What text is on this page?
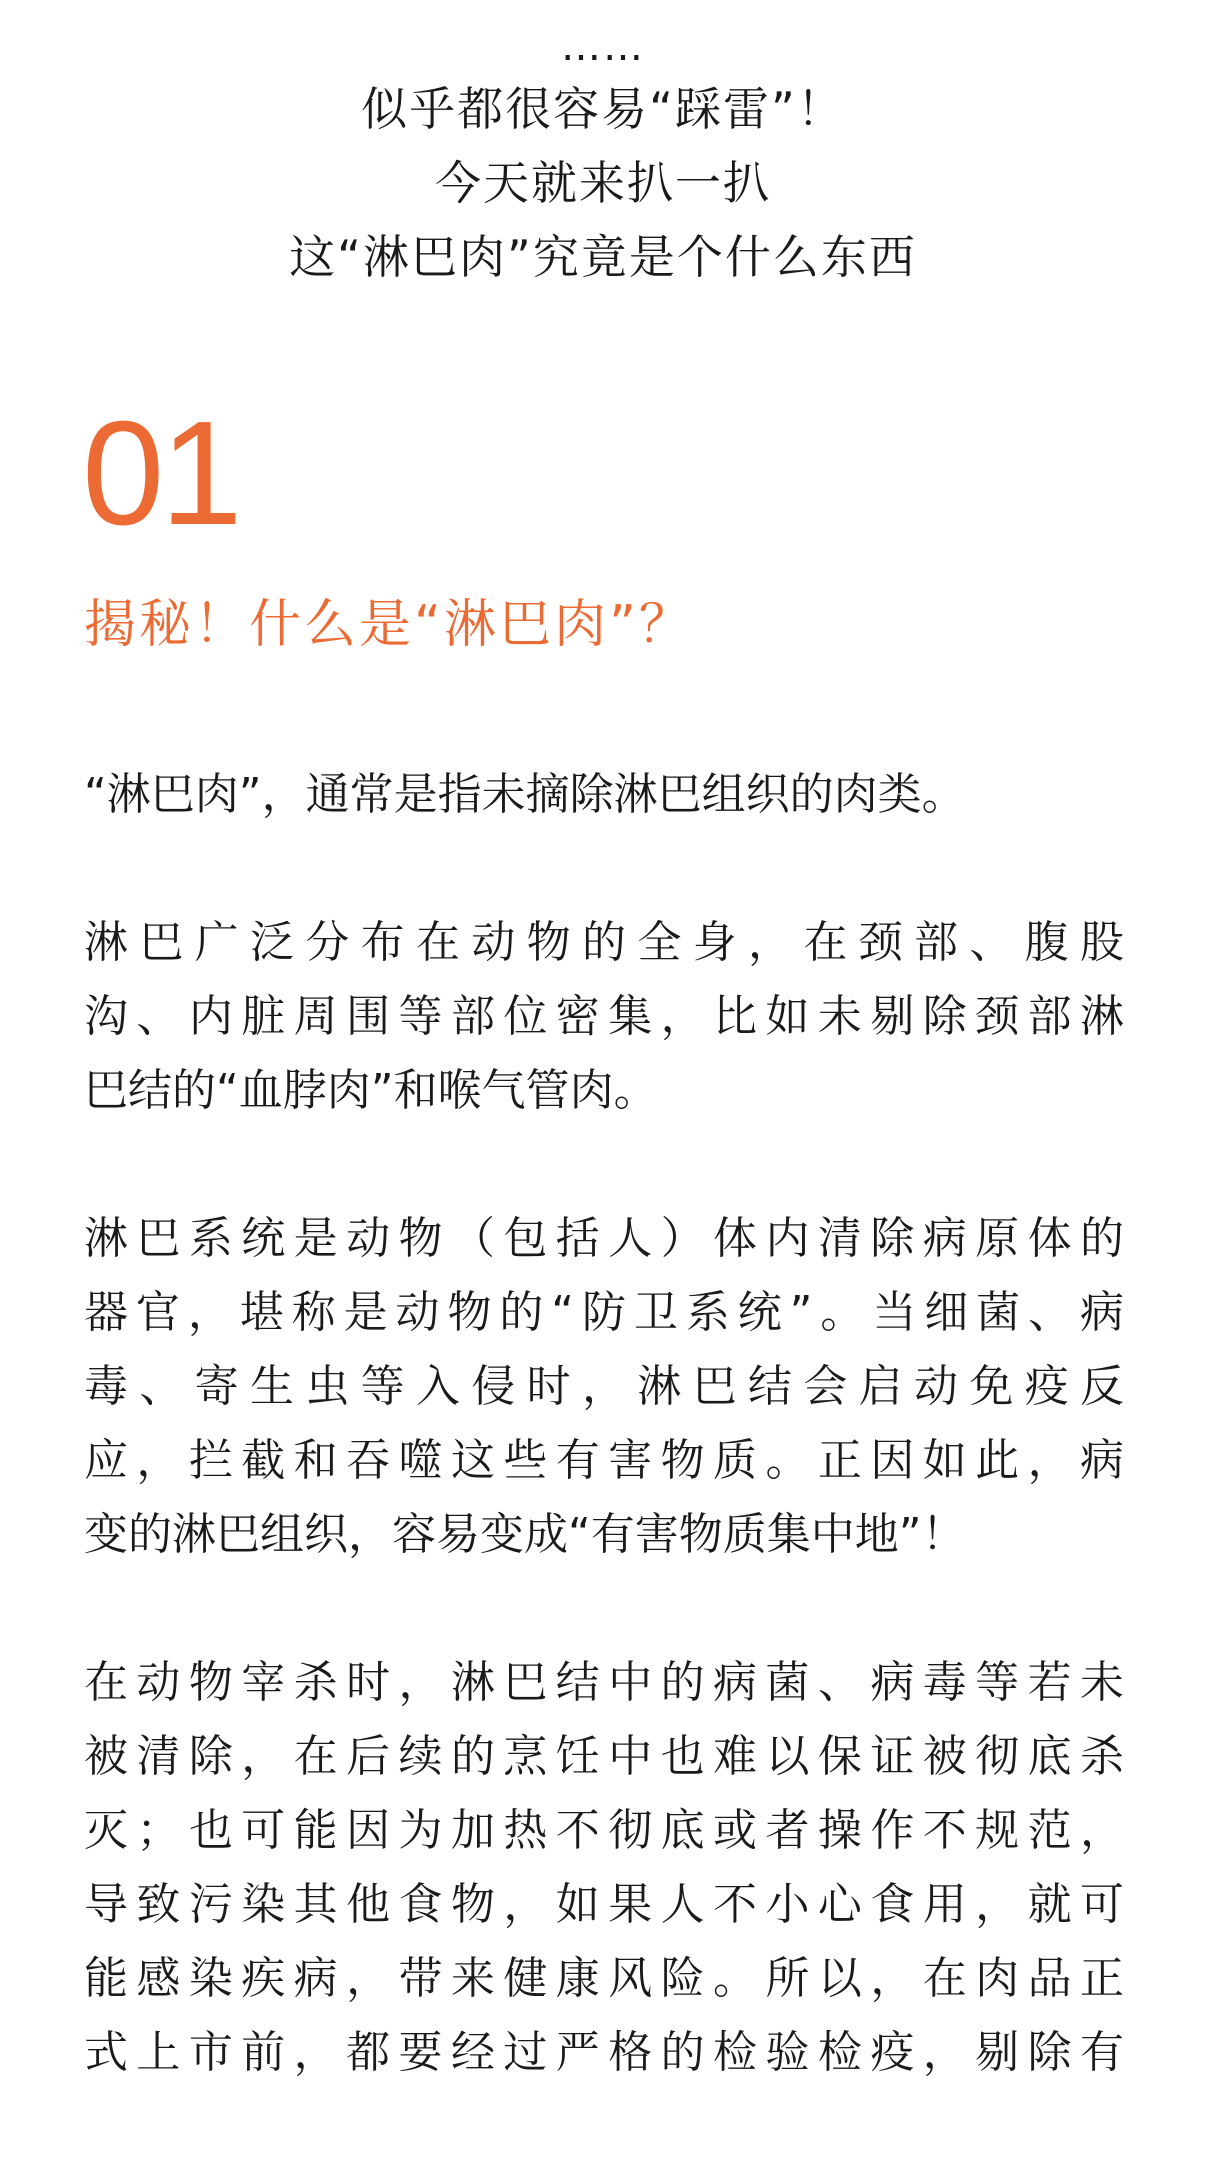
……
似乎都很容易“踩雷”！
今天就来扒一扒
这“淋巴肉”究竟是个什么东西
01
揭秘！什么是“淋巴肉”？
“淋巴肉”，通常是指未摘除淋巴组织的肉类。
淋巴广泛分布在动物的全身，在颈部、腹股
沟、内脏周围等部位密集，比如未剔除颈部淋
巴结的“血脖肉”和喉气管肉。
淋巴系统是动物（包括人）体内清除病原体的
器官，堪称是动物的“防卫系统”。当细菌、病
毒、寄生虫等入侵时，淋巴结会启动免疫反
应，拦截和吞噬这些有害物质。正因如此，病
变的淋巴组织，容易变成“有害物质集中地”！
在动物宰杀时，淋巴结中的病菌、病毒等若未
被清除，在后续的烹饪中也难以保证被彻底杀
灭；也可能因为加热不彻底或者操作不规范，
导致污染其他食物，如果人不小心食用，就可
能感染疾病，带来健康风险。所以，在肉品正
式上市前，都要经过严格的检验检疫，剔除有
